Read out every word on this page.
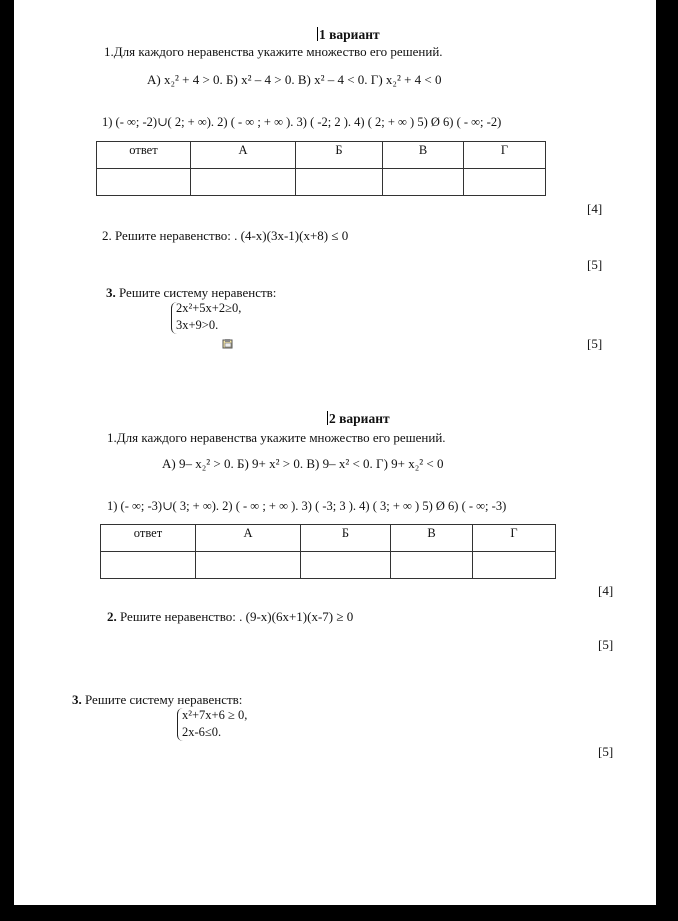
1 вариант
1.Для каждого неравенства укажите множество его решений.
А) x₂² + 4 > 0. Б) x² – 4 > 0. В) x² – 4 < 0. Г) x₂² + 4 < 0
1) (- ∞; -2)∪( 2; + ∞). 2) ( - ∞ ; + ∞ ). 3) ( -2; 2 ). 4) ( 2; + ∞ ) 5) Ø 6) ( - ∞; -2)
ответ	А	Б	В	Г

[4]
2. Решите неравенство: . (4-x)(3x-1)(x+8) ≤ 0
[5]
3. Решите систему неравенств:
2x²+5x+2≥0,
3x+9>0.
[5]
2 вариант
1.Для каждого неравенства укажите множество его решений.
А) 9– x₂² > 0. Б) 9+ x² > 0. В) 9– x² < 0. Г) 9+ x₂² < 0
1) (- ∞; -3)∪( 3; + ∞). 2) ( - ∞ ; + ∞ ). 3) ( -3; 3 ). 4) ( 3; + ∞ ) 5) Ø 6) ( - ∞; -3)
ответ	А	Б	В	Г

[4]
2. Решите неравенство: . (9-x)(6x+1)(x-7) ≥ 0
[5]
3. Решите систему неравенств:
x²+7x+6 ≥ 0,
2x-6≤0.
[5]
